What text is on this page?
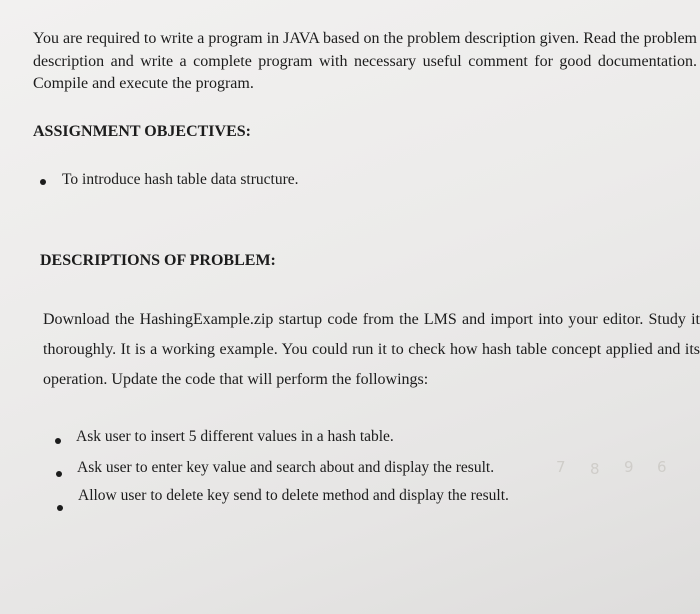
You are required to write a program in JAVA based on the problem description given. Read the problem description and write a complete program with necessary useful comment for good documentation. Compile and execute the program.
ASSIGNMENT OBJECTIVES:
To introduce hash table data structure.
DESCRIPTIONS OF PROBLEM:
Download the HashingExample.zip startup code from the LMS and import into your editor. Study it thoroughly. It is a working example. You could run it to check how hash table concept applied and its operation. Update the code that will perform the followings:
Ask user to insert 5 different values in a hash table.
Ask user to enter key value and search about and display the result.
Allow user to delete key send to delete method and display the result.
7 8 9 6
